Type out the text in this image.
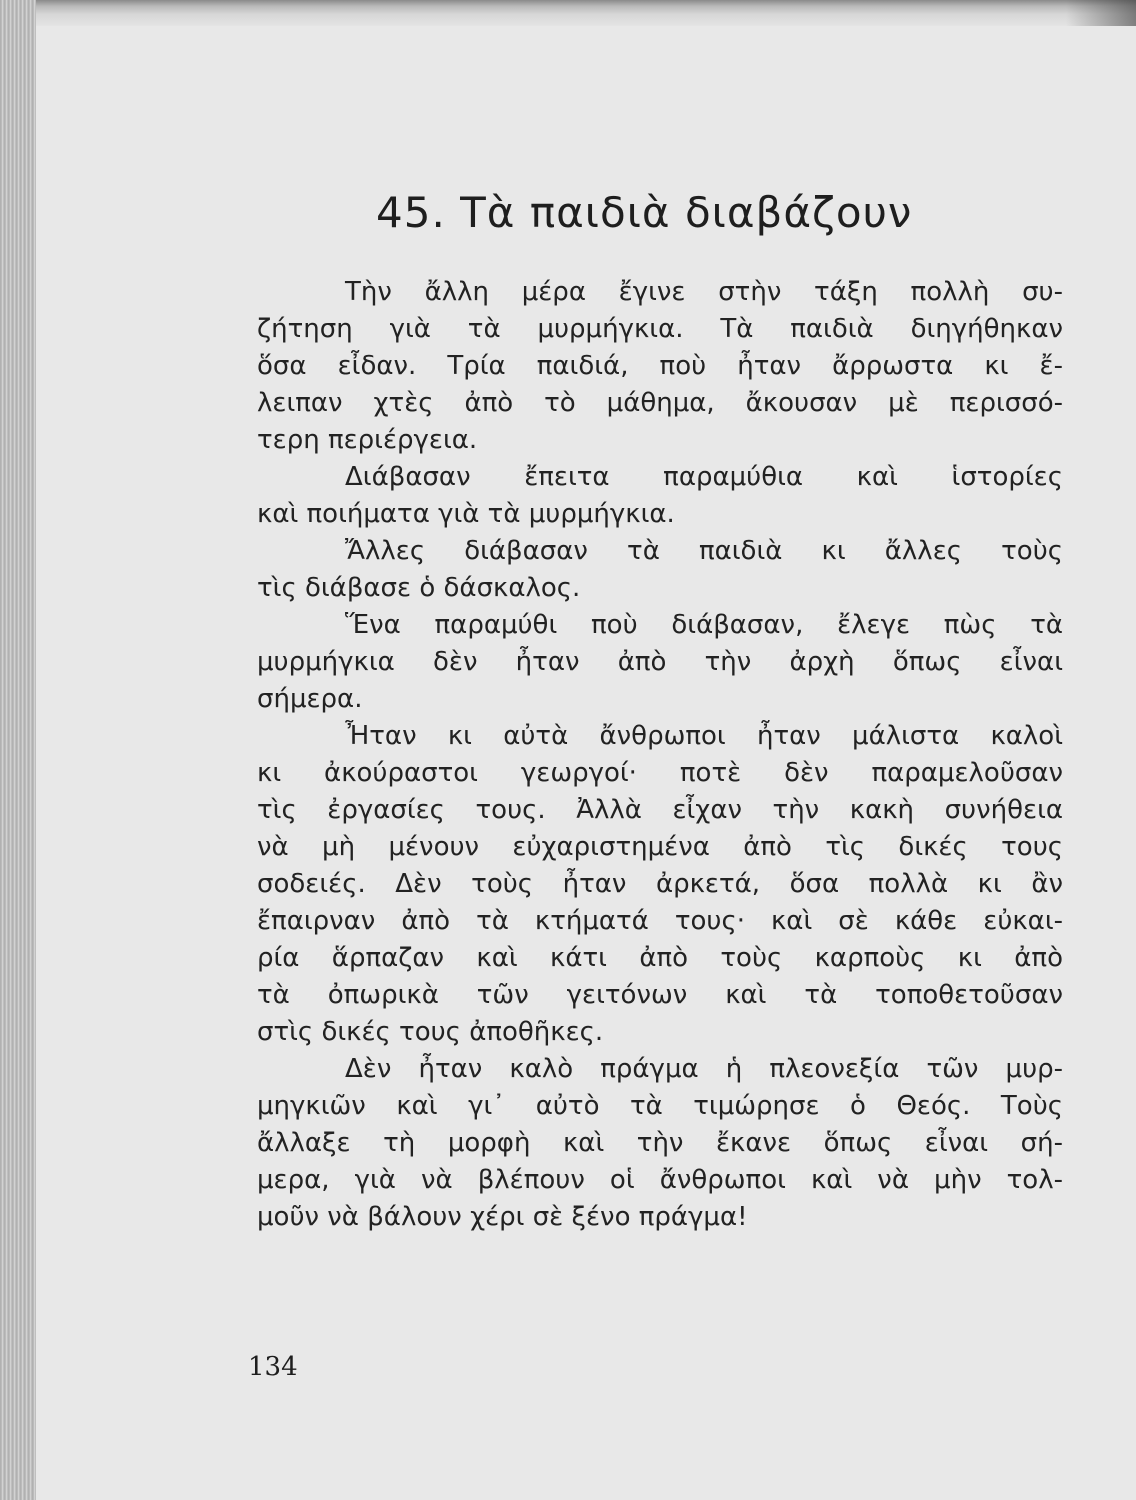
45. Τὰ παιδιὰ διαβάζουν
Τὴν ἄλλη μέρα ἔγινε στὴν τάξη πολλὴ συ-
ζήτηση γιὰ τὰ μυρμήγκια. Τὰ παιδιὰ διηγήθηκαν
ὅσα εἶδαν. Τρία παιδιά, ποὺ ἦταν ἄρρωστα κι ἔ-
λειπαν χτὲς ἀπὸ τὸ μάθημα, ἄκουσαν μὲ περισσό-
τερη περιέργεια.
Διάβασαν ἔπειτα παραμύθια καὶ ἱστορίες
καὶ ποιήματα γιὰ τὰ μυρμήγκια.
Ἄλλες διάβασαν τὰ παιδιὰ κι ἄλλες τοὺς
τὶς διάβασε ὁ δάσκαλος.
Ἕνα παραμύθι ποὺ διάβασαν, ἔλεγε πὼς τὰ
μυρμήγκια δὲν ἦταν ἀπὸ τὴν ἀρχὴ ὅπως εἶναι
σήμερα.
Ἦταν κι αὐτὰ ἄνθρωποι ἦταν μάλιστα καλοὶ
κι ἀκούραστοι γεωργοί· ποτὲ δὲν παραμελοῦσαν
τὶς ἐργασίες τους. Ἀλλὰ εἶχαν τὴν κακὴ συνήθεια
νὰ μὴ μένουν εὐχαριστημένα ἀπὸ τὶς δικές τους
σοδειές. Δὲν τοὺς ἦταν ἀρκετά, ὅσα πολλὰ κι ἂν
ἔπαιρναν ἀπὸ τὰ κτήματά τους· καὶ σὲ κάθε εὐκαι-
ρία ἅρπαζαν καὶ κάτι ἀπὸ τοὺς καρποὺς κι ἀπὸ
τὰ ὀπωρικὰ τῶν γειτόνων καὶ τὰ τοποθετοῦσαν
στὶς δικές τους ἀποθῆκες.
Δὲν ἦταν καλὸ πράγμα ἡ πλεονεξία τῶν μυρ-
μηγκιῶν καὶ γι᾽ αὐτὸ τὰ τιμώρησε ὁ Θεός. Τοὺς
ἄλλαξε τὴ μορφὴ καὶ τὴν ἔκανε ὅπως εἶναι σή-
μερα, γιὰ νὰ βλέπουν οἱ ἄνθρωποι καὶ νὰ μὴν τολ-
μοῦν νὰ βάλουν χέρι σὲ ξένο πράγμα!
134
